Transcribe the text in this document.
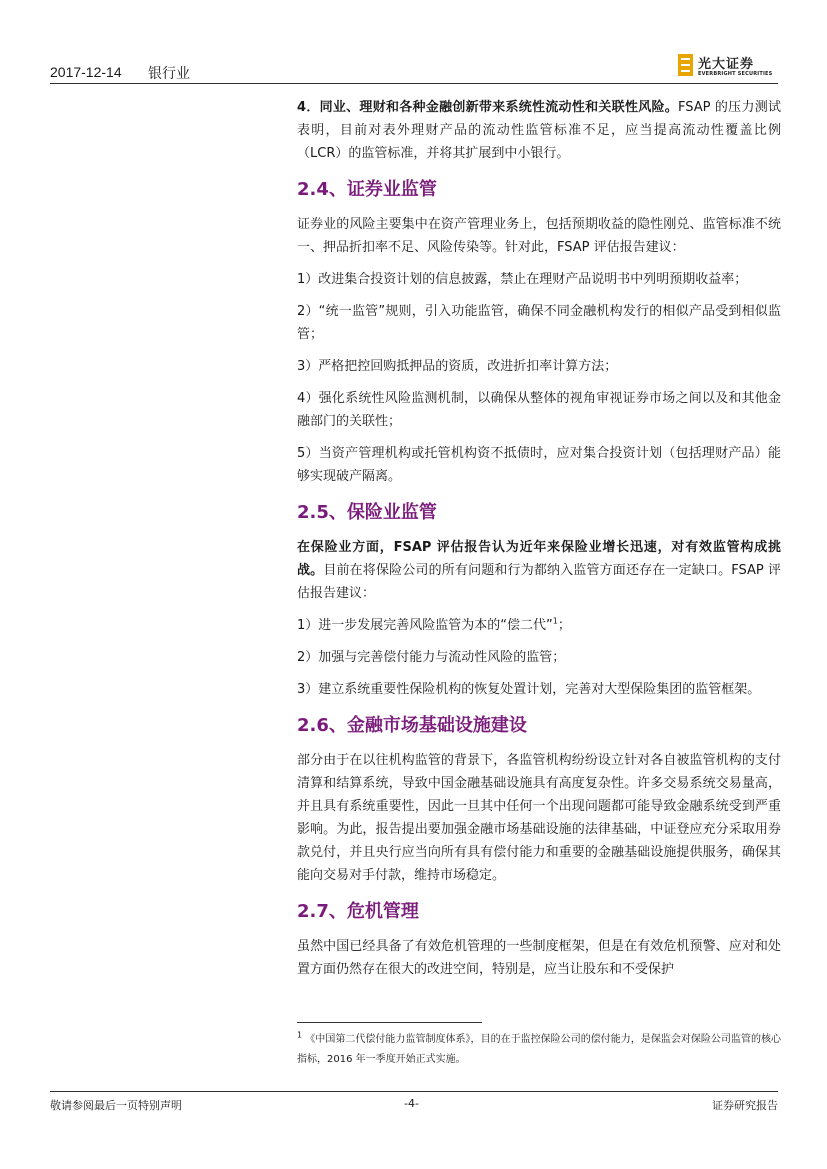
2017-12-14 银行业
光大证券
EVERBRIGHT SECURITIES

4．同业、理财和各种金融创新带来系统性流动性和关联性风险。FSAP 的压力测试表明，目前对表外理财产品的流动性监管标准不足，应当提高流动性覆盖比例（LCR）的监管标准，并将其扩展到中小银行。

2.4、证券业监管

证券业的风险主要集中在资产管理业务上，包括预期收益的隐性刚兑、监管标准不统一、押品折扣率不足、风险传染等。针对此，FSAP 评估报告建议：

1）改进集合投资计划的信息披露，禁止在理财产品说明书中列明预期收益率；

2）“统一监管”规则，引入功能监管，确保不同金融机构发行的相似产品受到相似监管；

3）严格把控回购抵押品的资质，改进折扣率计算方法；

4）强化系统性风险监测机制，以确保从整体的视角审视证券市场之间以及和其他金融部门的关联性；

5）当资产管理机构或托管机构资不抵债时，应对集合投资计划（包括理财产品）能够实现破产隔离。

2.5、保险业监管

在保险业方面，FSAP 评估报告认为近年来保险业增长迅速，对有效监管构成挑战。目前在将保险公司的所有问题和行为都纳入监管方面还存在一定缺口。FSAP 评估报告建议：

1）进一步发展完善风险监管为本的“偿二代”$^1$；

2）加强与完善偿付能力与流动性风险的监管；

3）建立系统重要性保险机构的恢复处置计划，完善对大型保险集团的监管框架。

2.6、金融市场基础设施建设

部分由于在以往机构监管的背景下，各监管机构纷纷设立针对各自被监管机构的支付清算和结算系统，导致中国金融基础设施具有高度复杂性。许多交易系统交易量高，并且具有系统重要性，因此一旦其中任何一个出现问题都可能导致金融系统受到严重影响。为此，报告提出要加强金融市场基础设施的法律基础，中证登应充分采取用券款兑付，并且央行应当向所有具有偿付能力和重要的金融基础设施提供服务，确保其能向交易对手付款，维持市场稳定。

2.7、危机管理

虽然中国已经具备了有效危机管理的一些制度框架，但是在有效危机预警、应对和处置方面仍然存在很大的改进空间，特别是，应当让股东和不受保护

$^1$ 《中国第二代偿付能力监管制度体系》，目的在于监控保险公司的偿付能力，是保监会对保险公司监管的核心指标，2016 年一季度开始正式实施。
敬请参阅最后一页特别声明	-4-	证券研究报告
